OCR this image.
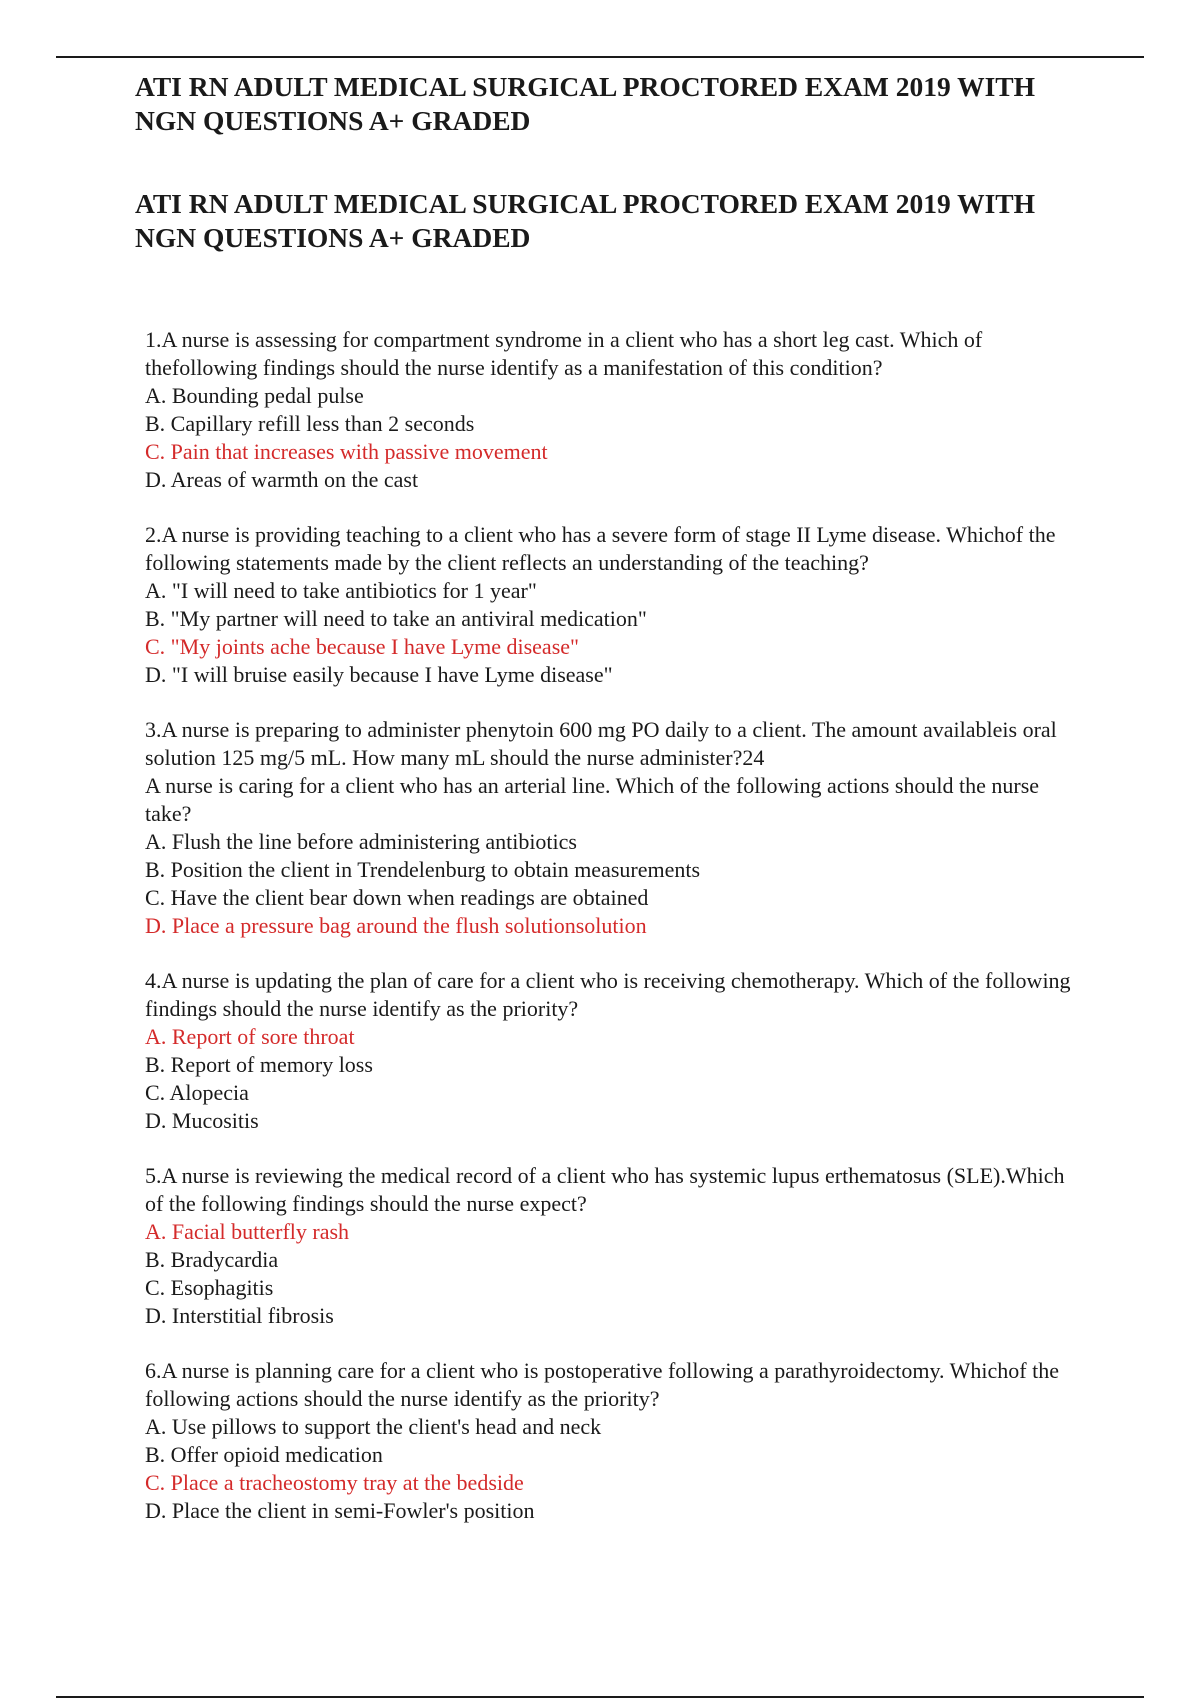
ATI RN ADULT MEDICAL SURGICAL PROCTORED EXAM 2019 WITH NGN QUESTIONS A+ GRADED
ATI RN ADULT MEDICAL SURGICAL PROCTORED EXAM 2019 WITH NGN QUESTIONS A+ GRADED

1.A nurse is assessing for compartment syndrome in a client who has a short leg cast. Which of thefollowing findings should the nurse identify as a manifestation of this condition?

A. Bounding pedal pulse
B. Capillary refill less than 2 seconds
C. Pain that increases with passive movement
D. Areas of warmth on the cast

2.A nurse is providing teaching to a client who has a severe form of stage II Lyme disease. Whichof the following statements made by the client reflects an understanding of the teaching?

A. "I will need to take antibiotics for 1 year"
B. "My partner will need to take an antiviral medication"
C. "My joints ache because I have Lyme disease"
D. "I will bruise easily because I have Lyme disease"

3.A nurse is preparing to administer phenytoin 600 mg PO daily to a client. The amount availableis oral solution 125 mg/5 mL. How many mL should the nurse administer?24

A nurse is caring for a client who has an arterial line. Which of the following actions should the nurse take?

A. Flush the line before administering antibiotics
B. Position the client in Trendelenburg to obtain measurements
C. Have the client bear down when readings are obtained
D. Place a pressure bag around the flush solutionsolution

4.A nurse is updating the plan of care for a client who is receiving chemotherapy. Which of the following findings should the nurse identify as the priority?

A. Report of sore throat
B. Report of memory loss
C. Alopecia
D. Mucositis

5.A nurse is reviewing the medical record of a client who has systemic lupus erthematosus (SLE).Which of the following findings should the nurse expect?

A. Facial butterfly rash
B. Bradycardia
C. Esophagitis
D. Interstitial fibrosis

6.A nurse is planning care for a client who is postoperative following a parathyroidectomy. Whichof the following actions should the nurse identify as the priority?

A. Use pillows to support the client's head and neck
B. Offer opioid medication
C. Place a tracheostomy tray at the bedside
D. Place the client in semi-Fowler's position
